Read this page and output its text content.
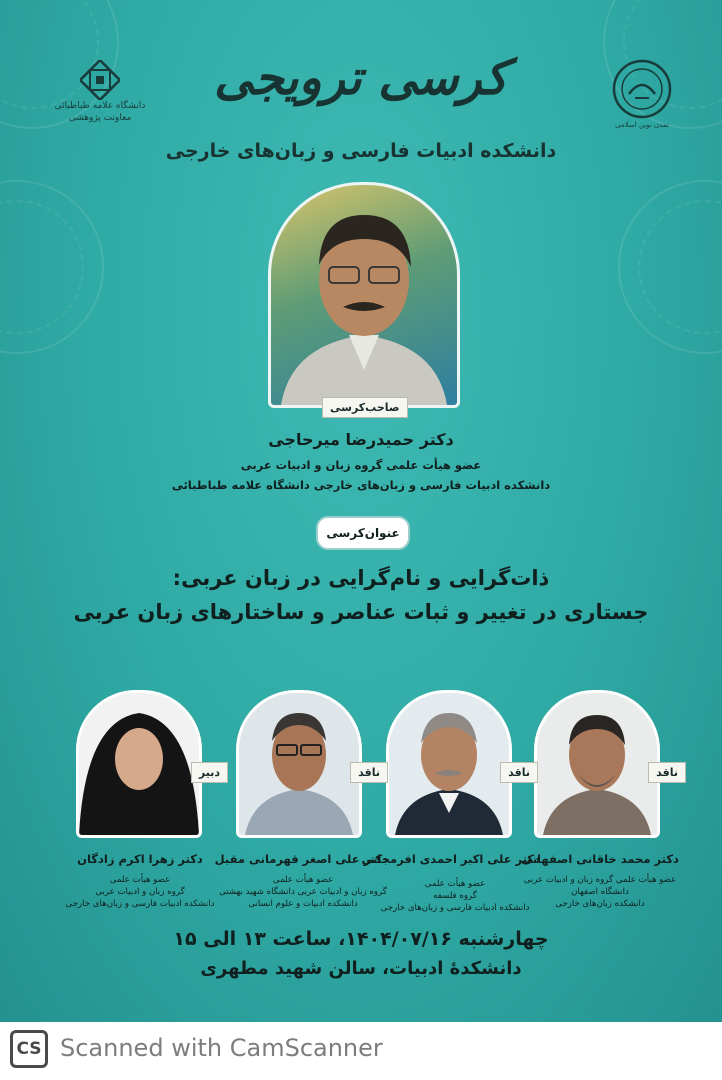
دانشگاه علامه طباطبائی
معاونت پژوهشی
تمدن نوین اسلامی
کرسی ترویجی
دانشکده ادبیات فارسی و زبان‌های خارجی
صاحب‌کرسی
دکتر حمیدرضا میرحاجی
عضو هیأت علمی گروه زبان و ادبیات عربی
دانشکده ادبیات فارسی و زبان‌های خارجی دانشگاه علامه طباطبائی
عنوان‌کرسی
ذات‌گرایی و نام‌گرایی در زبان عربی:
جستاری در تغییر و ثبات عناصر و ساختارهای زبان عربی
ناقد
ناقد
ناقد
دبیر
دکتر محمد خاقانی اصفهانی
عضو هیأت علمی گروه زبان و ادبیات عربی
دانشگاه اصفهان
دانشکده زبان‌های خارجی
دکتر علی اکبر احمدی افرمجانی
عضو هیأت علمی
گروه فلسفه
دانشکده ادبیات فارسی و زبان‌های خارجی
دکتر علی اصغر قهرمانی مقبل
عضو هیأت علمی
گروه زبان و ادبیات عربی دانشگاه شهید بهشتی
دانشکده ادبیات و علوم انسانی
دکتر زهرا اکرم زادگان
عضو هیأت علمی
گروه زبان و ادبیات عربی
دانشکده ادبیات فارسی و زبان‌های خارجی
چهارشنبه ۱۴۰۴/۰۷/۱۶، ساعت ۱۳ الی ۱۵
دانشکدهٔ ادبیات، سالن شهید مطهری
CS Scanned with CamScanner
